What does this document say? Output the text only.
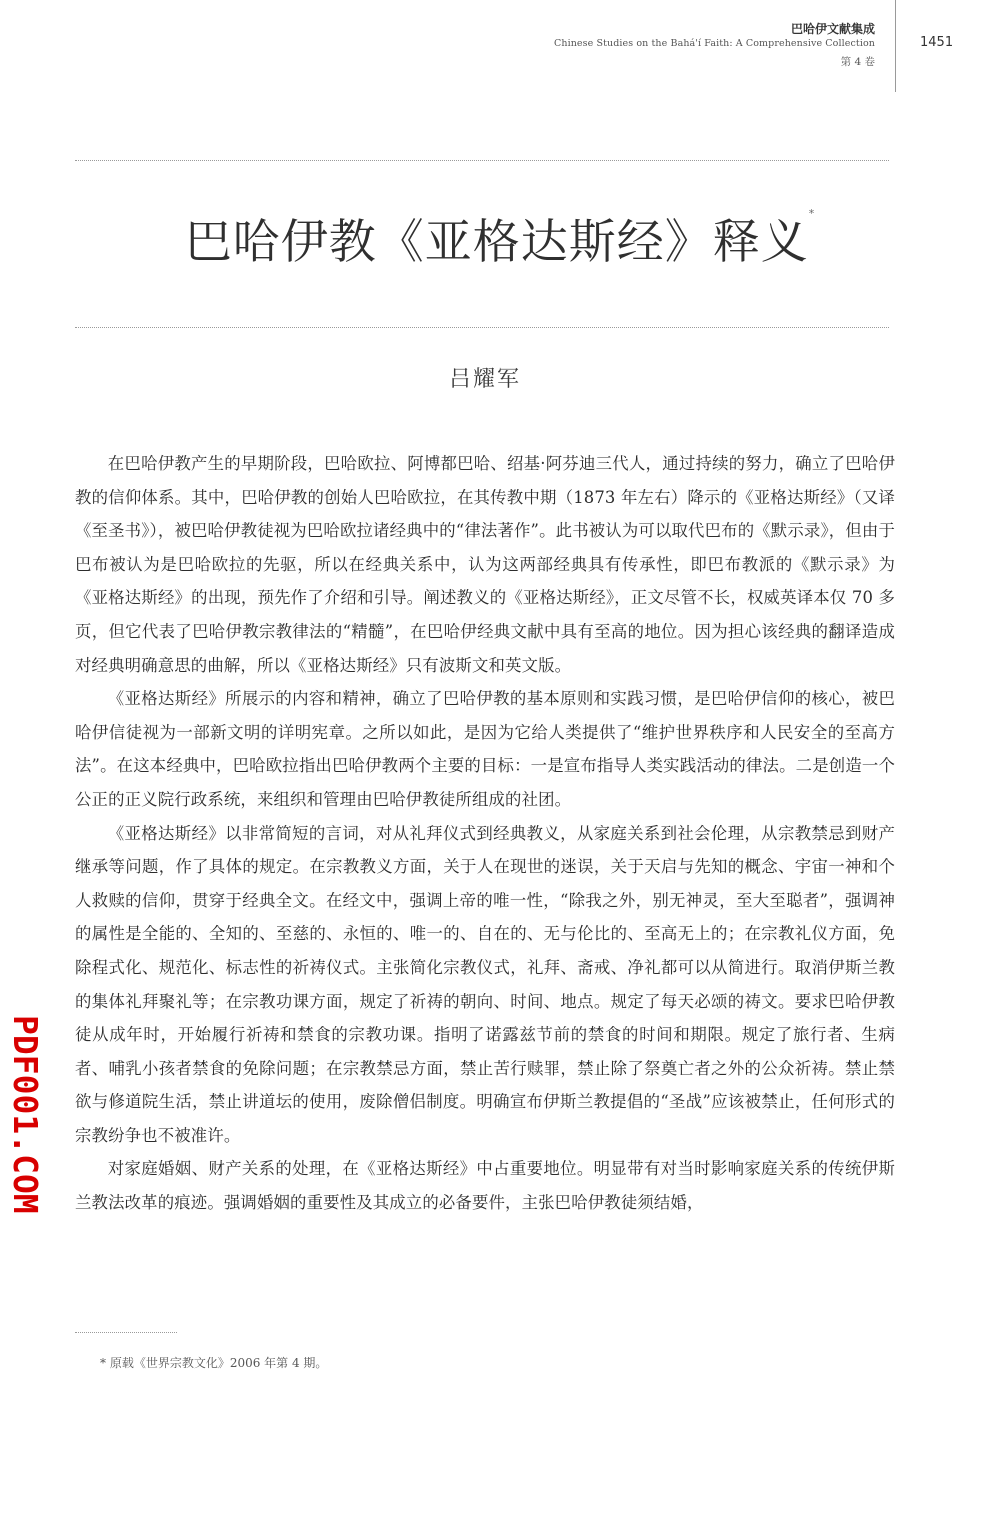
巴哈伊文献集成
Chinese Studies on the Bahá'í Faith: A Comprehensive Collection
第 4 卷
1451
巴哈伊教《亚格达斯经》释义*
吕耀军

在巴哈伊教产生的早期阶段，巴哈欧拉、阿博都巴哈、绍基·阿芬迪三代人，通过持续的努力，确立了巴哈伊教的信仰体系。其中，巴哈伊教的创始人巴哈欧拉，在其传教中期（1873 年左右）降示的《亚格达斯经》（又译《至圣书》），被巴哈伊教徒视为巴哈欧拉诸经典中的“律法著作”。此书被认为可以取代巴布的《默示录》，但由于巴布被认为是巴哈欧拉的先驱，所以在经典关系中，认为这两部经典具有传承性，即巴布教派的《默示录》为《亚格达斯经》的出现，预先作了介绍和引导。阐述教义的《亚格达斯经》，正文尽管不长，权威英译本仅 70 多页，但它代表了巴哈伊教宗教律法的“精髓”，在巴哈伊经典文献中具有至高的地位。因为担心该经典的翻译造成对经典明确意思的曲解，所以《亚格达斯经》只有波斯文和英文版。

《亚格达斯经》所展示的内容和精神，确立了巴哈伊教的基本原则和实践习惯，是巴哈伊信仰的核心，被巴哈伊信徒视为一部新文明的详明宪章。之所以如此，是因为它给人类提供了“维护世界秩序和人民安全的至高方法”。在这本经典中，巴哈欧拉指出巴哈伊教两个主要的目标：一是宣布指导人类实践活动的律法。二是创造一个公正的正义院行政系统，来组织和管理由巴哈伊教徒所组成的社团。

《亚格达斯经》以非常简短的言词，对从礼拜仪式到经典教义，从家庭关系到社会伦理，从宗教禁忌到财产继承等问题，作了具体的规定。在宗教教义方面，关于人在现世的迷误，关于天启与先知的概念、宇宙一神和个人救赎的信仰，贯穿于经典全文。在经文中，强调上帝的唯一性，“除我之外，别无神灵，至大至聪者”，强调神的属性是全能的、全知的、至慈的、永恒的、唯一的、自在的、无与伦比的、至高无上的；在宗教礼仪方面，免除程式化、规范化、标志性的祈祷仪式。主张简化宗教仪式，礼拜、斋戒、净礼都可以从简进行。取消伊斯兰教的集体礼拜聚礼等；在宗教功课方面，规定了祈祷的朝向、时间、地点。规定了每天必颂的祷文。要求巴哈伊教徒从成年时，开始履行祈祷和禁食的宗教功课。指明了诺露兹节前的禁食的时间和期限。规定了旅行者、生病者、哺乳小孩者禁食的免除问题；在宗教禁忌方面，禁止苦行赎罪，禁止除了祭奠亡者之外的公众祈祷。禁止禁欲与修道院生活，禁止讲道坛的使用，废除僧侣制度。明确宣布伊斯兰教提倡的“圣战”应该被禁止，任何形式的宗教纷争也不被准许。

对家庭婚姻、财产关系的处理，在《亚格达斯经》中占重要地位。明显带有对当时影响家庭关系的传统伊斯兰教法改革的痕迹。强调婚姻的重要性及其成立的必备要件，主张巴哈伊教徒须结婚，

* 原载《世界宗教文化》2006 年第 4 期。
PDF001.COM
